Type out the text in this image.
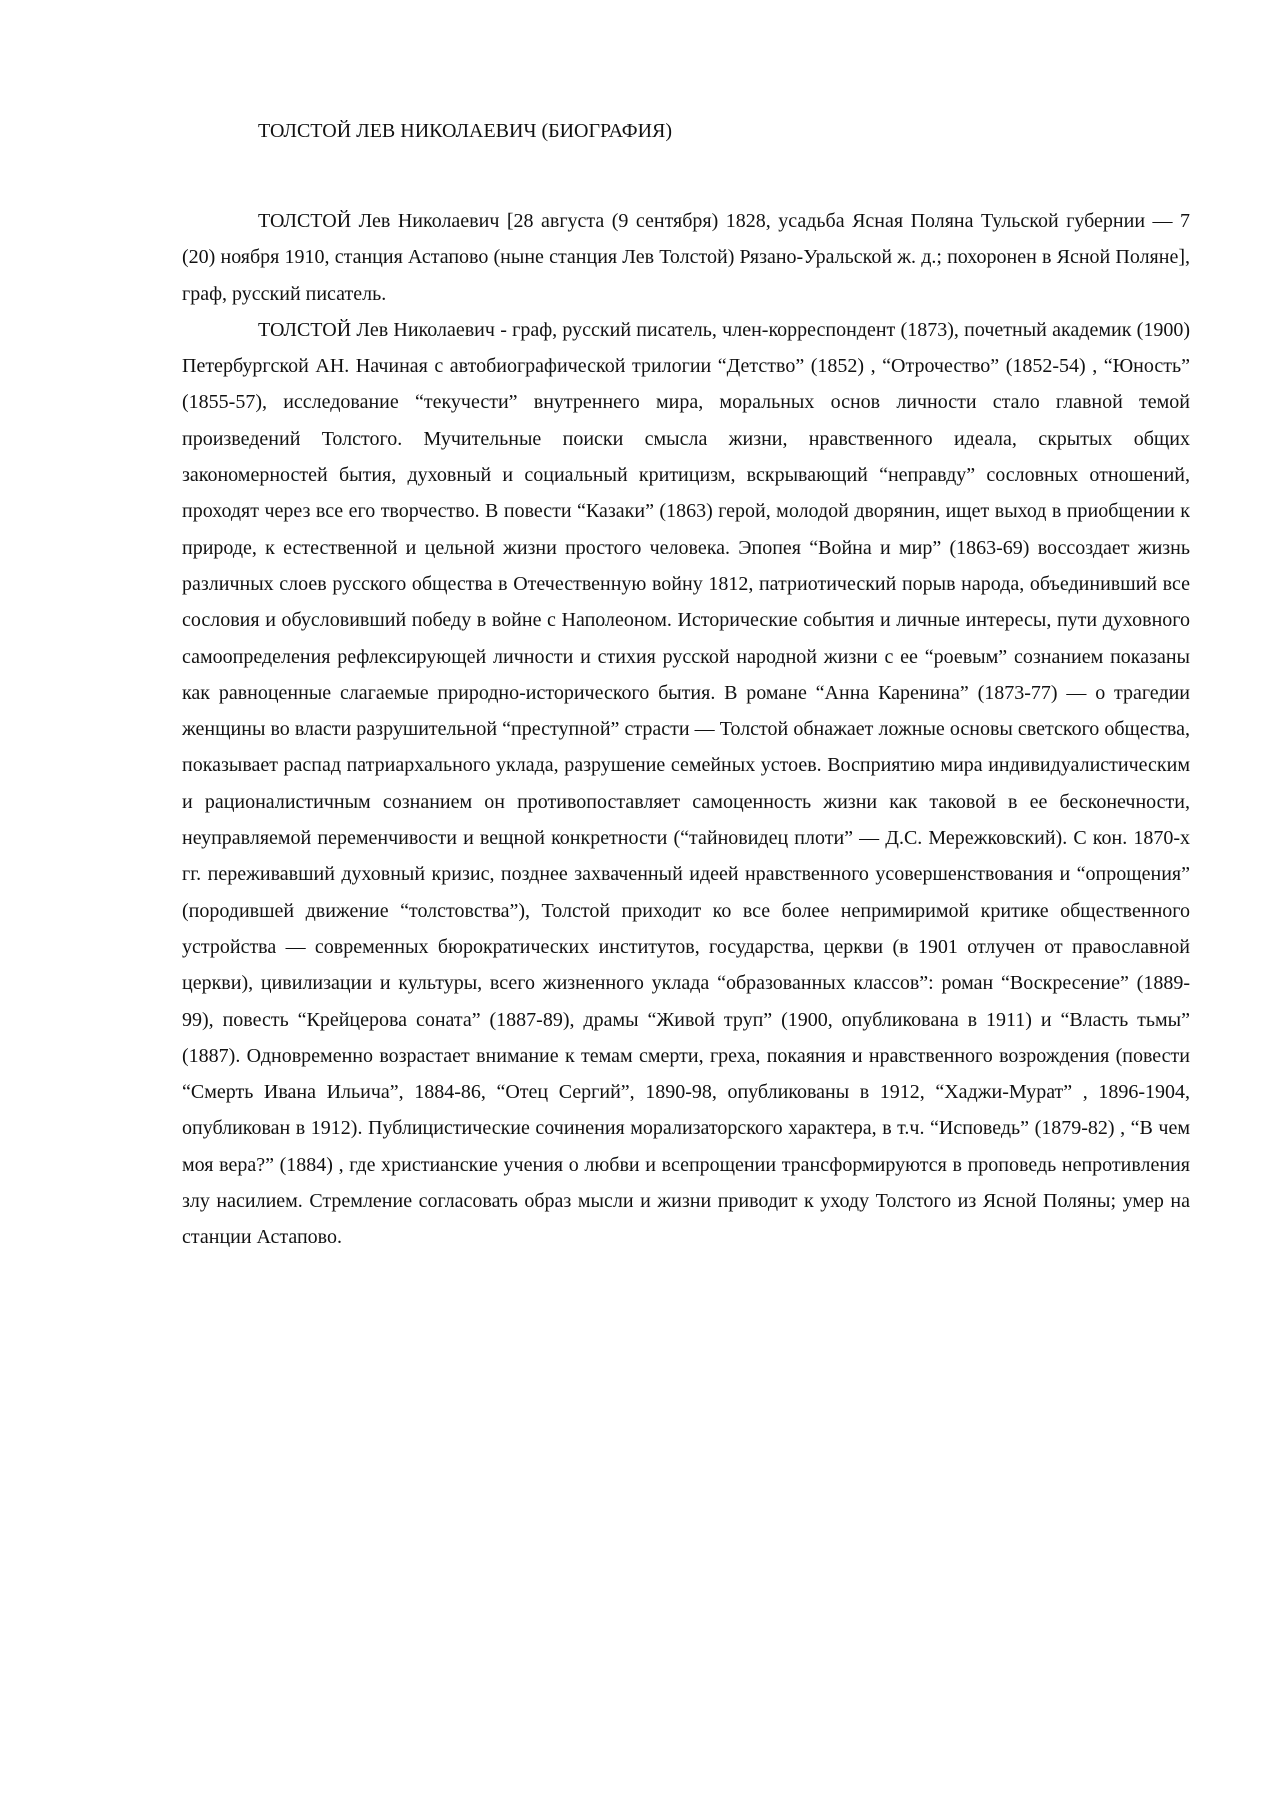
ТОЛСТОЙ ЛЕВ НИКОЛАЕВИЧ (БИОГРАФИЯ)

ТОЛСТОЙ Лев Николаевич [28 августа (9 сентября) 1828, усадьба Ясная Поляна Тульской губернии — 7 (20) ноября 1910, станция Астапово (ныне станция Лев Толстой) Рязано-Уральской ж. д.; похоронен в Ясной Поляне], граф, русский писатель.

ТОЛСТОЙ Лев Николаевич - граф, русский писатель, член-корреспондент (1873), почетный академик (1900) Петербургской АН. Начиная с автобиографической трилогии “Детство” (1852) , “Отрочество” (1852-54) , “Юность” (1855-57), исследование “текучести” внутреннего мира, моральных основ личности стало главной темой произведений Толстого. Мучительные поиски смысла жизни, нравственного идеала, скрытых общих закономерностей бытия, духовный и социальный критицизм, вскрывающий “неправду” сословных отношений, проходят через все его творчество. В повести “Казаки” (1863) герой, молодой дворянин, ищет выход в приобщении к природе, к естественной и цельной жизни простого человека. Эпопея “Война и мир” (1863-69) воссоздает жизнь различных слоев русского общества в Отечественную войну 1812, патриотический порыв народа, объединивший все сословия и обусловивший победу в войне с Наполеоном. Исторические события и личные интересы, пути духовного самоопределения рефлексирующей личности и стихия русской народной жизни с ее “роевым” сознанием показаны как равноценные слагаемые природно-исторического бытия. В романе “Анна Каренина” (1873-77) — о трагедии женщины во власти разрушительной “преступной” страсти — Толстой обнажает ложные основы светского общества, показывает распад патриархального уклада, разрушение семейных устоев. Восприятию мира индивидуалистическим и рационалистичным сознанием он противопоставляет самоценность жизни как таковой в ее бесконечности, неуправляемой переменчивости и вещной конкретности (“тайновидец плоти” — Д.С. Мережковский). С кон. 1870-х гг. переживавший духовный кризис, позднее захваченный идеей нравственного усовершенствования и “опрощения” (породившей движение “толстовства”), Толстой приходит ко все более непримиримой критике общественного устройства — современных бюрократических институтов, государства, церкви (в 1901 отлучен от православной церкви), цивилизации и культуры, всего жизненного уклада “образованных классов”: роман “Воскресение” (1889-99), повесть “Крейцерова соната” (1887-89), драмы “Живой труп” (1900, опубликована в 1911) и “Власть тьмы” (1887). Одновременно возрастает внимание к темам смерти, греха, покаяния и нравственного возрождения (повести “Смерть Ивана Ильича”, 1884-86, “Отец Сергий”, 1890-98, опубликованы в 1912, “Хаджи-Мурат” , 1896-1904, опубликован в 1912). Публицистические сочинения морализаторского характера, в т.ч. “Исповедь” (1879-82) , “В чем моя вера?” (1884) , где христианские учения о любви и всепрощении трансформируются в проповедь непротивления злу насилием. Стремление согласовать образ мысли и жизни приводит к уходу Толстого из Ясной Поляны; умер на станции Астапово.
